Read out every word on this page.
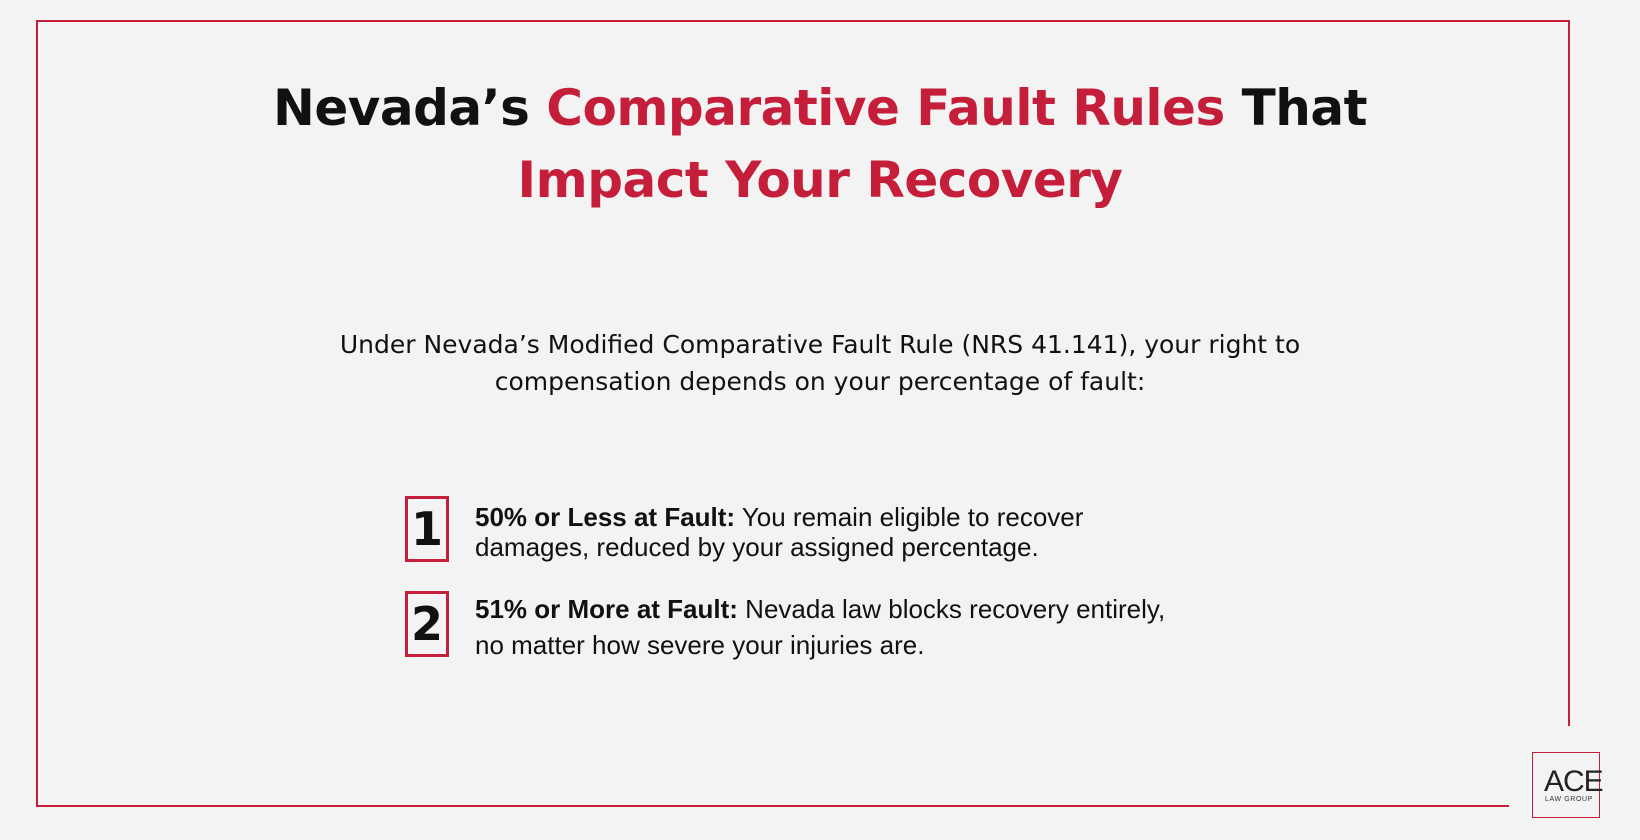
Nevada’s Comparative Fault Rules That
Impact Your Recovery
Under Nevada’s Modified Comparative Fault Rule (NRS 41.141), your right to
compensation depends on your percentage of fault:
1 50% or Less at Fault: You remain eligible to recover
damages, reduced by your assigned percentage.
2 51% or More at Fault: Nevada law blocks recovery entirely,
no matter how severe your injuries are.
ACE
LAW GROUP
